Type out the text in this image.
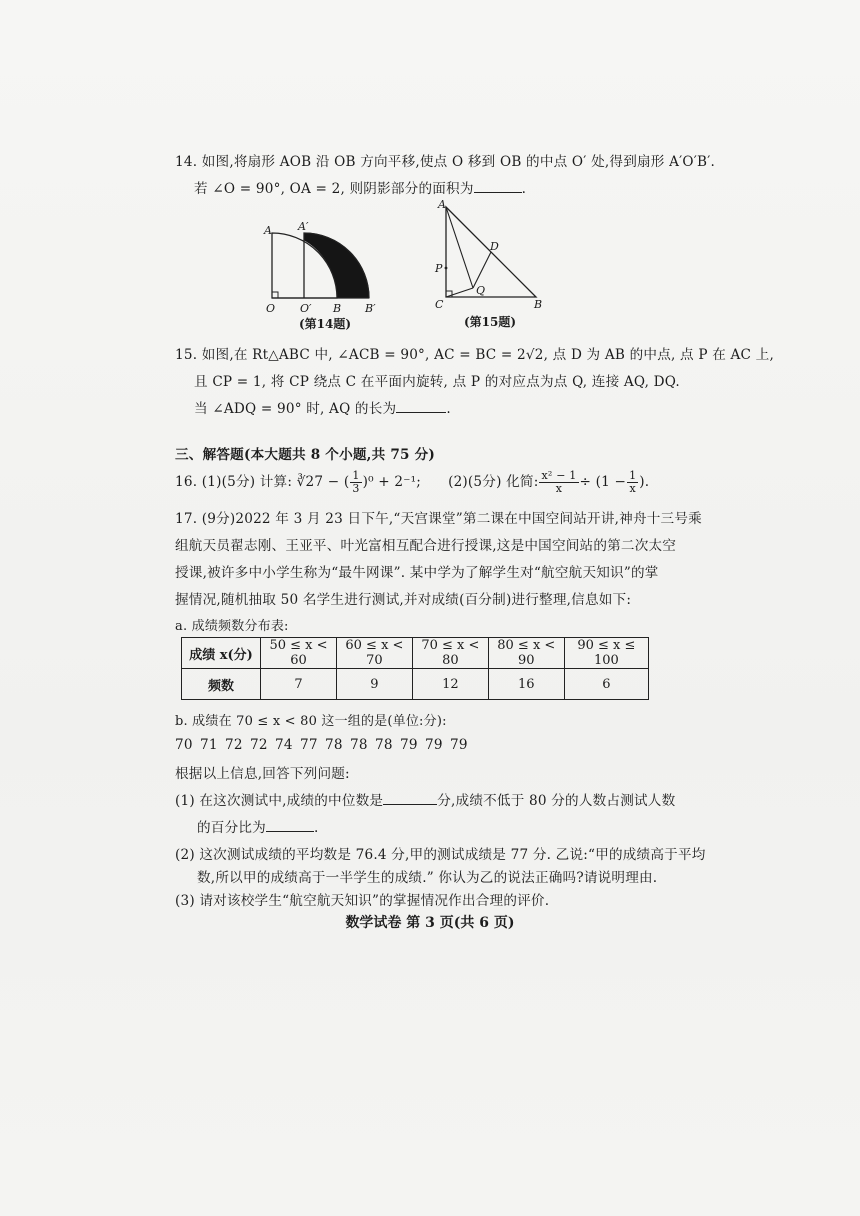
14. 如图,将扇形 AOB 沿 OB 方向平移,使点 O 移到 OB 的中点 O′ 处,得到扇形 A′O′B′.
若 ∠O = 90°, OA = 2, 则阴影部分的面积为	.
A A′
O O′ B B′
(第14题)
A
D
P
C
Q
B
(第15题)
15. 如图,在 Rt△ABC 中, ∠ACB = 90°, AC = BC = 2√2, 点 D 为 AB 的中点, 点 P 在 AC 上,
且 CP = 1, 将 CP 绕点 C 在平面内旋转, 点 P 的对应点为点 Q, 连接 AQ, DQ.
当 ∠ADQ = 90° 时, AQ 的长为	.
三、解答题(本大题共 8 个小题,共 75 分)
16. (1)(5分) 计算: ∛27 − ( $\frac{1}{3} )^0 + 2^{-1}$; (2)(5分) 化简: $\frac{\text{x² − 1}}{x} \div (1 - \frac{1}{x}$ ).
17. (9分)2022 年 3 月 23 日下午,“天宫课堂”第二课在中国空间站开讲,神舟十三号乘
组航天员翟志刚、王亚平、叶光富相互配合进行授课,这是中国空间站的第二次太空
授课,被许多中小学生称为“最牛网课”. 某中学为了解学生对“航空航天知识”的掌
握情况,随机抽取 50 名学生进行测试,并对成绩(百分制)进行整理,信息如下:
a. 成绩频数分布表:
成绩 x(分)	50 ≤ x < 60	60 ≤ x < 70	70 ≤ x < 80	80 ≤ x < 90	90 ≤ x ≤ 100
频数	7	9	12	16	6
b. 成绩在 70 ≤ x < 80 这一组的是(单位:分):
70 71 72 72 74 77 78 78 78 79 79 79
根据以上信息,回答下列问题:
(1) 在这次测试中,成绩的中位数是	分,成绩不低于 80 分的人数占测试人数
的百分比为	.
(2) 这次测试成绩的平均数是 76.4 分,甲的测试成绩是 77 分. 乙说:“甲的成绩高于平均
数,所以甲的成绩高于一半学生的成绩.” 你认为乙的说法正确吗?请说明理由.
(3) 请对该校学生“航空航天知识”的掌握情况作出合理的评价.
数学试卷 第 3 页(共 6 页)
